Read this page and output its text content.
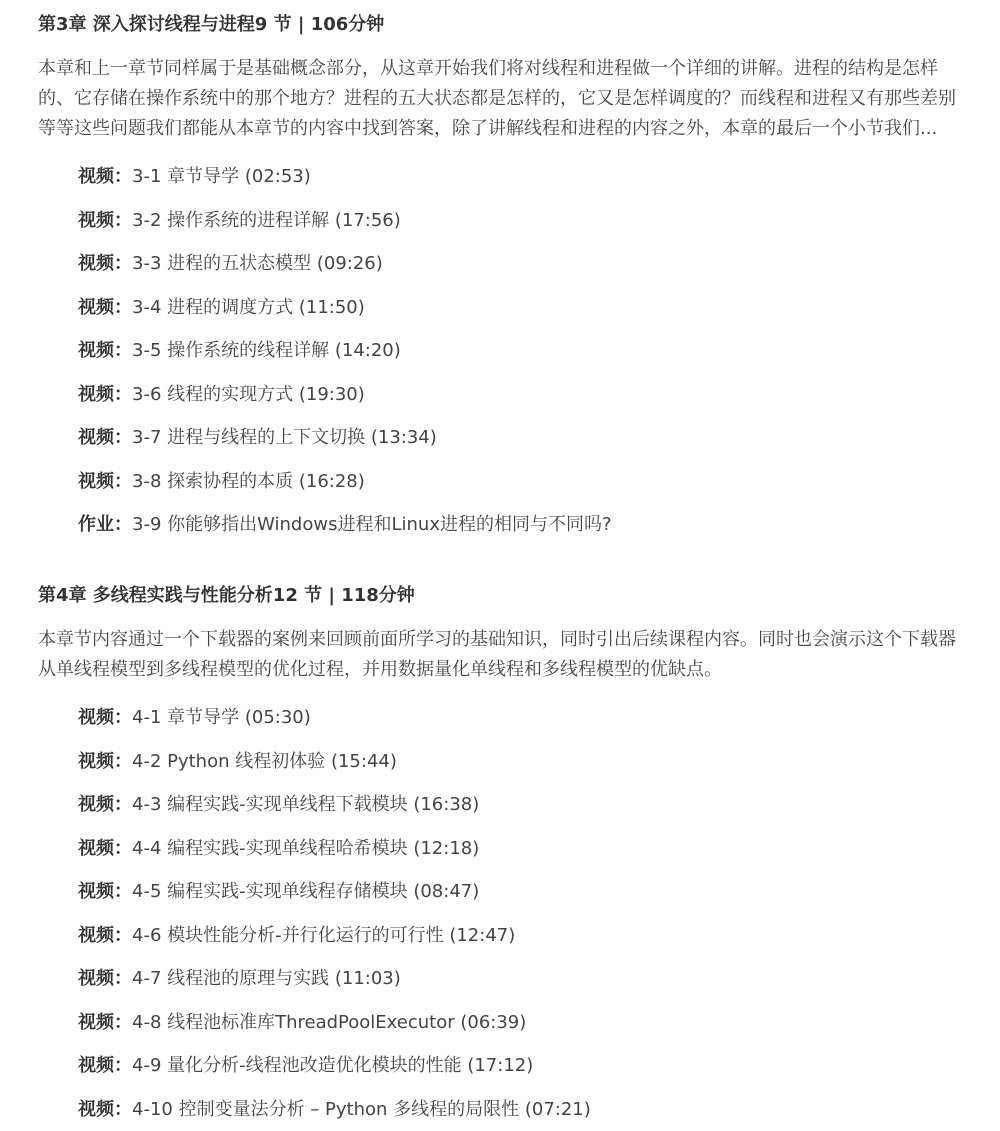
第3章 深入探讨线程与进程9 节 | 106分钟
本章和上一章节同样属于是基础概念部分，从这章开始我们将对线程和进程做一个详细的讲解。进程的结构是怎样的、它存储在操作系统中的那个地方？进程的五大状态都是怎样的，它又是怎样调度的？而线程和进程又有那些差别等等这些问题我们都能从本章节的内容中找到答案，除了讲解线程和进程的内容之外，本章的最后一个小节我们...
视频：3-1 章节导学 (02:53)
视频：3-2 操作系统的进程详解 (17:56)
视频：3-3 进程的五状态模型 (09:26)
视频：3-4 进程的调度方式 (11:50)
视频：3-5 操作系统的线程详解 (14:20)
视频：3-6 线程的实现方式 (19:30)
视频：3-7 进程与线程的上下文切换 (13:34)
视频：3-8 探索协程的本质 (16:28)
作业：3-9 你能够指出Windows进程和Linux进程的相同与不同吗?
第4章 多线程实践与性能分析12 节 | 118分钟
本章节内容通过一个下载器的案例来回顾前面所学习的基础知识，同时引出后续课程内容。同时也会演示这个下载器从单线程模型到多线程模型的优化过程，并用数据量化单线程和多线程模型的优缺点。
视频：4-1 章节导学 (05:30)
视频：4-2 Python 线程初体验 (15:44)
视频：4-3 编程实践-实现单线程下载模块 (16:38)
视频：4-4 编程实践-实现单线程哈希模块 (12:18)
视频：4-5 编程实践-实现单线程存储模块 (08:47)
视频：4-6 模块性能分析-并行化运行的可行性 (12:47)
视频：4-7 线程池的原理与实践 (11:03)
视频：4-8 线程池标准库ThreadPoolExecutor (06:39)
视频：4-9 量化分析-线程池改造优化模块的性能 (17:12)
视频：4-10 控制变量法分析 – Python 多线程的局限性 (07:21)
